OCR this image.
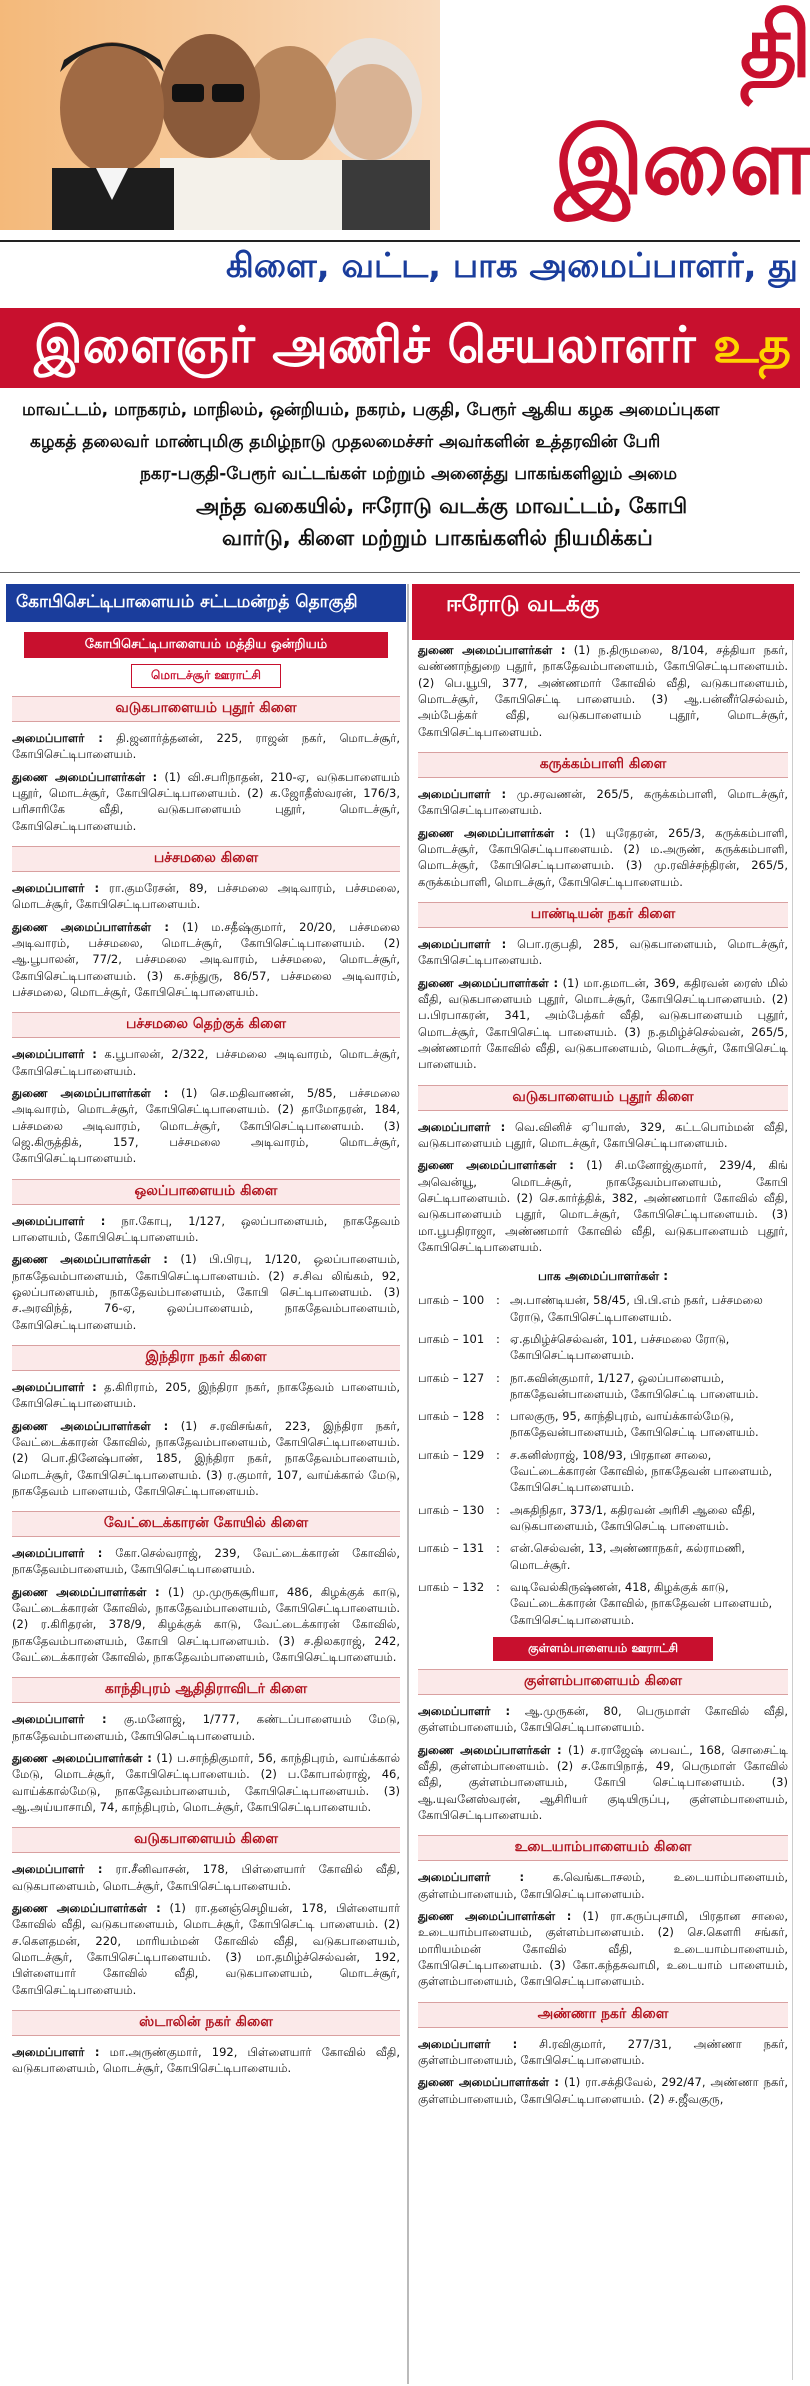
தி
இளை
கிளை, வட்ட, பாக அமைப்பாளர், து
இளைஞர் அணிச் செயலாளர் உத

மாவட்டம், மாநகரம், மாநிலம், ஒன்றியம், நகரம், பகுதி, பேரூர் ஆகிய கழக அமைப்புகள

கழகத் தலைவர் மாண்புமிகு தமிழ்நாடு முதலமைச்சர் அவர்களின் உத்தரவின் பேரி

நகர-பகுதி-பேரூர் வட்டங்கள் மற்றும் அனைத்து பாகங்களிலும் அமை

அந்த வகையில், ஈரோடு வடக்கு மாவட்டம், கோபி

வார்டு, கிளை மற்றும் பாகங்களில் நியமிக்கப்

கோபிசெட்டிபாளையம் சட்டமன்றத் தொகுதி
கோபிசெட்டிபாளையம் மத்திய ஒன்றியம்
மொடச்சூர் ஊராட்சி
வடுகபாளையம் புதூர் கிளை
அமைப்பாளர் : தி.ஜனார்த்தனன், 225, ராஜன் நகர், மொடச்சூர், கோபிசெட்டிபாளையம்.
துணை அமைப்பாளர்கள் : (1) வி.சபரிநாதன், 210-ஏ, வடுகபாளையம் புதூர், மொடச்சூர், கோபிசெட்டிபாளையம். (2) க.ஜோதீஸ்வரன், 176/3, பரிசாரிகே வீதி, வடுகபாளையம் புதூர், மொடச்சூர், கோபிசெட்டிபாளையம்.
பச்சமலை கிளை
அமைப்பாளர் : ரா.குமரேசன், 89, பச்சமலை அடிவாரம், பச்சமலை, மொடச்சூர், கோபிசெட்டிபாளையம்.
துணை அமைப்பாளர்கள் : (1) ம.சதீஷ்குமார், 20/20, பச்சமலை அடிவாரம், பச்சமலை, மொடச்சூர், கோபிசெட்டிபாளையம். (2) ஆ.பூபாலன், 77/2, பச்சமலை அடிவாரம், பச்சமலை, மொடச்சூர், கோபிசெட்டிபாளையம். (3) க.சந்துரு, 86/57, பச்சமலை அடிவாரம், பச்சமலை, மொடச்சூர், கோபிசெட்டிபாளையம்.
பச்சமலை தெற்குக் கிளை
அமைப்பாளர் : க.பூபாலன், 2/322, பச்சமலை அடிவாரம், மொடச்சூர், கோபிசெட்டிபாளையம்.
துணை அமைப்பாளர்கள் : (1) செ.மதிவாணன், 5/85, பச்சமலை அடிவாரம், மொடச்சூர், கோபிசெட்டிபாளையம். (2) தாமோதரன், 184, பச்சமலை அடிவாரம், மொடச்சூர், கோபிசெட்டிபாளையம். (3) ஜெ.கிருத்திக், 157, பச்சமலை அடிவாரம், மொடச்சூர், கோபிசெட்டிபாளையம்.
ஒலப்பாளையம் கிளை
அமைப்பாளர் : நா.கோபு, 1/127, ஒலப்பாளையம், நாகதேவம் பாளையம், கோபிசெட்டிபாளையம்.
துணை அமைப்பாளர்கள் : (1) பி.பிரபு, 1/120, ஒலப்பாளையம், நாகதேவம்பாளையம், கோபிசெட்டிபாளையம். (2) ச.சிவ லிங்கம், 92, ஒலப்பாளையம், நாகதேவம்பாளையம், கோபி செட்டிபாளையம். (3) ச.அரவிந்த், 76-ஏ, ஒலப்பாளையம், நாகதேவம்பாளையம், கோபிசெட்டிபாளையம்.
இந்திரா நகர் கிளை
அமைப்பாளர் : த.கிரிராம், 205, இந்திரா நகர், நாகதேவம் பாளையம், கோபிசெட்டிபாளையம்.
துணை அமைப்பாளர்கள் : (1) ச.ரவிசங்கர், 223, இந்திரா நகர், வேட்டைக்காரன் கோவில், நாகதேவம்பாளையம், கோபிசெட்டிபாளையம். (2) பொ.தினேஷ்பாண், 185, இந்திரா நகர், நாகதேவம்பாளையம், மொடச்சூர், கோபிசெட்டிபாளையம். (3) ர.குமார், 107, வாய்க்கால் மேடு, நாகதேவம் பாளையம், கோபிசெட்டிபாளையம்.
வேட்டைக்காரன் கோயில் கிளை
அமைப்பாளர் : கோ.செல்வராஜ், 239, வேட்டைக்காரன் கோவில், நாகதேவம்பாளையம், கோபிசெட்டிபாளையம்.
துணை அமைப்பாளர்கள் : (1) மு.முருகசூரியா, 486, கிழக்குக் காடு, வேட்டைக்காரன் கோவில், நாகதேவம்பாளையம், கோபிசெட்டிபாளையம். (2) ர.கிரிதரன், 378/9, கிழக்குக் காடு, வேட்டைக்காரன் கோவில், நாகதேவம்பாளையம், கோபி செட்டிபாளையம். (3) ச.திலகராஜ், 242, வேட்டைக்காரன் கோவில், நாகதேவம்பாளையம், கோபிசெட்டிபாளையம்.
காந்திபுரம் ஆதிதிராவிடர் கிளை
அமைப்பாளர் : கு.மனோஜ், 1/777, கண்டப்பாளையம் மேடு, நாகதேவம்பாளையம், கோபிசெட்டிபாளையம்.
துணை அமைப்பாளர்கள் : (1) ப.சாந்திகுமார், 56, காந்திபுரம், வாய்க்கால் மேடு, மொடச்சூர், கோபிசெட்டிபாளையம். (2) ப.கோபால்ராஜ், 46, வாய்க்கால்மேடு, நாகதேவம்பாளையம், கோபிசெட்டிபாளையம். (3) ஆ.அய்யாசாமி, 74, காந்திபுரம், மொடச்சூர், கோபிசெட்டிபாளையம்.
வடுகபாளையம் கிளை
அமைப்பாளர் : ரா.சீனிவாசன், 178, பிள்ளையார் கோவில் வீதி, வடுகபாளையம், மொடச்சூர், கோபிசெட்டிபாளையம்.
துணை அமைப்பாளர்கள் : (1) ரா.தனஞ்செழியன், 178, பிள்ளையார் கோவில் வீதி, வடுகபாளையம், மொடச்சூர், கோபிசெட்டி பாளையம். (2) ச.கௌதமன், 220, மாரியம்மன் கோவில் வீதி, வடுகபாளையம், மொடச்சூர், கோபிசெட்டிபாளையம். (3) மா.தமிழ்ச்செல்வன், 192, பிள்ளையார் கோவில் வீதி, வடுகபாளையம், மொடச்சூர், கோபிசெட்டிபாளையம்.
ஸ்டாலின் நகர் கிளை
அமைப்பாளர் : மா.அருண்குமார், 192, பிள்ளையார் கோவில் வீதி, வடுகபாளையம், மொடச்சூர், கோபிசெட்டிபாளையம்.
ஈரோடு வடக்கு
துணை அமைப்பாளர்கள் : (1) ந.திருமலை, 8/104, சத்தியா நகர், வண்ணாந்துறை புதூர், நாகதேவம்பாளையம், கோபிசெட்டிபாளையம். (2) பெ.யூபி, 377, அண்ணமார் கோவில் வீதி, வடுகபாளையம், மொடச்சூர், கோபிசெட்டி பாளையம். (3) ஆ.பன்னீர்செல்வம், அம்பேத்கர் வீதி, வடுகபாளையம் புதூர், மொடச்சூர், கோபிசெட்டிபாளையம்.
கருக்கம்பாளி கிளை
அமைப்பாளர் : மு.சரவணன், 265/5, கருக்கம்பாளி, மொடச்சூர், கோபிசெட்டிபாளையம்.
துணை அமைப்பாளர்கள் : (1) யுரேதரன், 265/3, கருக்கம்பாளி, மொடச்சூர், கோபிசெட்டிபாளையம். (2) ம.அருண், கருக்கம்பாளி, மொடச்சூர், கோபிசெட்டிபாளையம். (3) மு.ரவிச்சந்திரன், 265/5, கருக்கம்பாளி, மொடச்சூர், கோபிசெட்டிபாளையம்.
பாண்டியன் நகர் கிளை
அமைப்பாளர் : பொ.ரகுபதி, 285, வடுகபாளையம், மொடச்சூர், கோபிசெட்டிபாளையம்.
துணை அமைப்பாளர்கள் : (1) மா.தமாடன், 369, கதிரவன் ரைஸ் மில் வீதி, வடுகபாளையம் புதூர், மொடச்சூர், கோபிசெட்டிபாளையம். (2) ப.பிரபாகரன், 341, அம்பேத்கர் வீதி, வடுகபாளையம் புதூர், மொடச்சூர், கோபிசெட்டி பாளையம். (3) ந.தமிழ்ச்செல்வன், 265/5, அண்ணமார் கோவில் வீதி, வடுகபாளையம், மொடச்சூர், கோபிசெட்டி பாளையம்.
வடுகபாளையம் புதூர் கிளை
அமைப்பாளர் : வெ.வினிச் ஏியாஸ், 329, கட்டபொம்மன் வீதி, வடுகபாளையம் புதூர், மொடச்சூர், கோபிசெட்டிபாளையம்.
துணை அமைப்பாளர்கள் : (1) சி.மனோஜ்குமார், 239/4, கிங் அவென்யூ, மொடச்சூர், நாகதேவம்பாளையம், கோபி செட்டிபாளையம். (2) செ.கார்த்திக், 382, அண்ணமார் கோவில் வீதி, வடுகபாளையம் புதூர், மொடச்சூர், கோபிசெட்டிபாளையம். (3) மா.பூபதிராஜா, அண்ணமார் கோவில் வீதி, வடுகபாளையம் புதூர், கோபிசெட்டிபாளையம்.
பாக அமைப்பாளர்கள் :
பாகம் – 100	: அ.பாண்டியன், 58/45, பி.பி.எம் நகர், பச்சமலை ரோடு, கோபிசெட்டிபாளையம்.
பாகம் – 101	: ஏ.தமிழ்ச்செல்வன், 101, பச்சமலை ரோடு, கோபிசெட்டிபாளையம்.
பாகம் – 127	: நா.கவின்குமார், 1/127, ஒலப்பாளையம், நாகதேவன்பாளையம், கோபிசெட்டி பாளையம்.
பாகம் – 128	: பாலகுரு, 95, காந்திபுரம், வாய்க்கால்மேடு, நாகதேவன்பாளையம், கோபிசெட்டி பாளையம்.
பாகம் – 129	: ச.கனிஸ்ராஜ், 108/93, பிரதான சாலை, வேட்டைக்காரன் கோவில், நாகதேவன் பாளையம், கோபிசெட்டிபாளையம்.
பாகம் – 130	: அகதிநிதா, 373/1, கதிரவன் அரிசி ஆலை வீதி, வடுகபாளையம், கோபிசெட்டி பாளையம்.
பாகம் – 131	: என்.செல்வன், 13, அண்ணாநகர், கல்ராமணி, மொடச்சூர்.
பாகம் – 132	: வடிவேல்கிருஷ்ணன், 418, கிழக்குக் காடு, வேட்டைக்காரன் கோவில், நாகதேவன் பாளையம், கோபிசெட்டிபாளையம்.
குள்ளம்பாளையம் ஊராட்சி
குள்ளம்பாளையம் கிளை
அமைப்பாளர் : ஆ.முருகன், 80, பெருமாள் கோவில் வீதி, குள்ளம்பாளையம், கோபிசெட்டிபாளையம்.
துணை அமைப்பாளர்கள் : (1) ச.ராஜேஷ் பைவட், 168, சொசைட்டி வீதி, குள்ளம்பாளையம். (2) ச.கோபிநாத், 49, பெருமாள் கோவில் வீதி, குள்ளம்பாளையம், கோபி செட்டிபாளையம். (3) ஆ.யுவனேஸ்வரன், ஆசிரியர் குடியிருப்பு, குள்ளம்பாளையம், கோபிசெட்டிபாளையம்.
உடையாம்பாளையம் கிளை
அமைப்பாளர் : க.வெங்கடாசலம், உடையாம்பாளையம், குள்ளம்பாளையம், கோபிசெட்டிபாளையம்.
துணை அமைப்பாளர்கள் : (1) ரா.கருப்புசாமி, பிரதான சாலை, உடையாம்பாளையம், குள்ளம்பாளையம். (2) செ.கௌரி சங்கர், மாரியம்மன் கோவில் வீதி, உடையாம்பாளையம், கோபிசெட்டிபாளையம். (3) கோ.கந்தசுவாமி, உடையாம் பாளையம், குள்ளம்பாளையம், கோபிசெட்டிபாளையம்.
அண்ணா நகர் கிளை
அமைப்பாளர் : சி.ரவிகுமார், 277/31, அண்ணா நகர், குள்ளம்பாளையம், கோபிசெட்டிபாளையம்.
துணை அமைப்பாளர்கள் : (1) ரா.சக்திவேல், 292/47, அண்ணா நகர், குள்ளம்பாளையம், கோபிசெட்டிபாளையம். (2) ச.ஜீவகுரு,
